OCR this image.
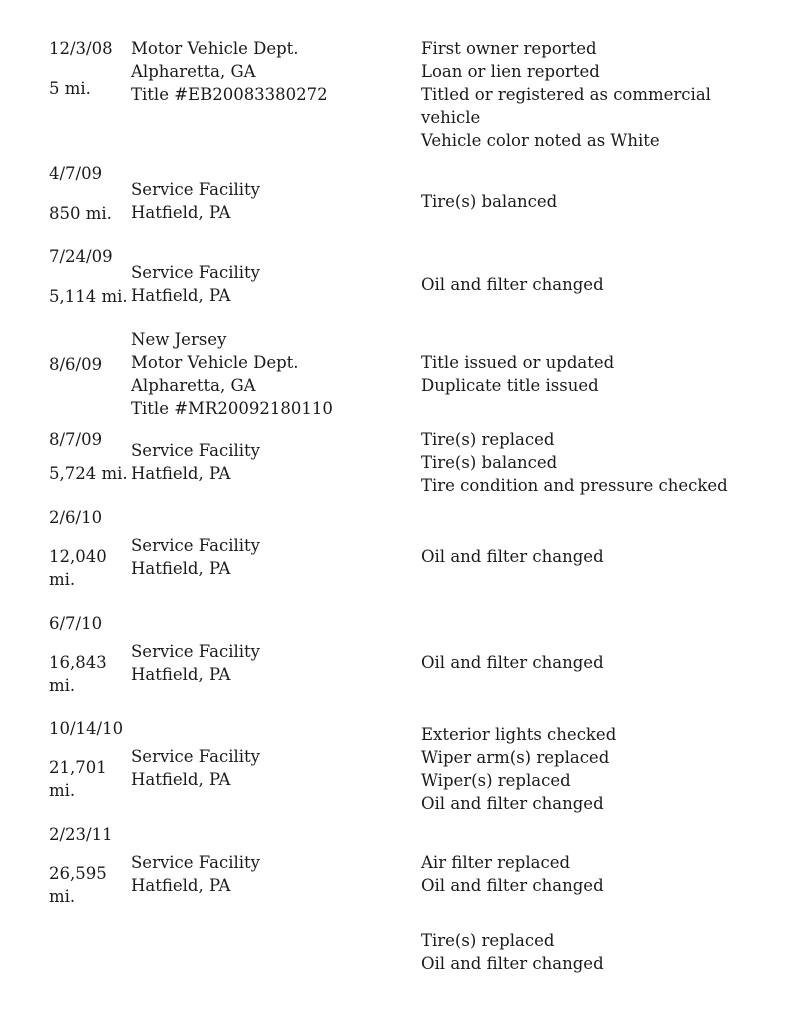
12/3/08
5 mi.
Motor Vehicle Dept.
Alpharetta, GA
Title #EB20083380272
First owner reported
Loan or lien reported
Titled or registered as commercial
vehicle
Vehicle color noted as White
4/7/09
850 mi.
Service Facility
Hatfield, PA
Tire(s) balanced
7/24/09
5,114 mi.
Service Facility
Hatfield, PA
Oil and filter changed
8/6/09
New Jersey
Motor Vehicle Dept.
Alpharetta, GA
Title #MR20092180110
Title issued or updated
Duplicate title issued
8/7/09
5,724 mi.
Service Facility
Hatfield, PA
Tire(s) replaced
Tire(s) balanced
Tire condition and pressure checked
2/6/10
12,040
mi.
Service Facility
Hatfield, PA
Oil and filter changed
6/7/10
16,843
mi.
Service Facility
Hatfield, PA
Oil and filter changed
10/14/10
21,701
mi.
Service Facility
Hatfield, PA
Exterior lights checked
Wiper arm(s) replaced
Wiper(s) replaced
Oil and filter changed
2/23/11
26,595
mi.
Service Facility
Hatfield, PA
Air filter replaced
Oil and filter changed
Tire(s) replaced
Oil and filter changed
